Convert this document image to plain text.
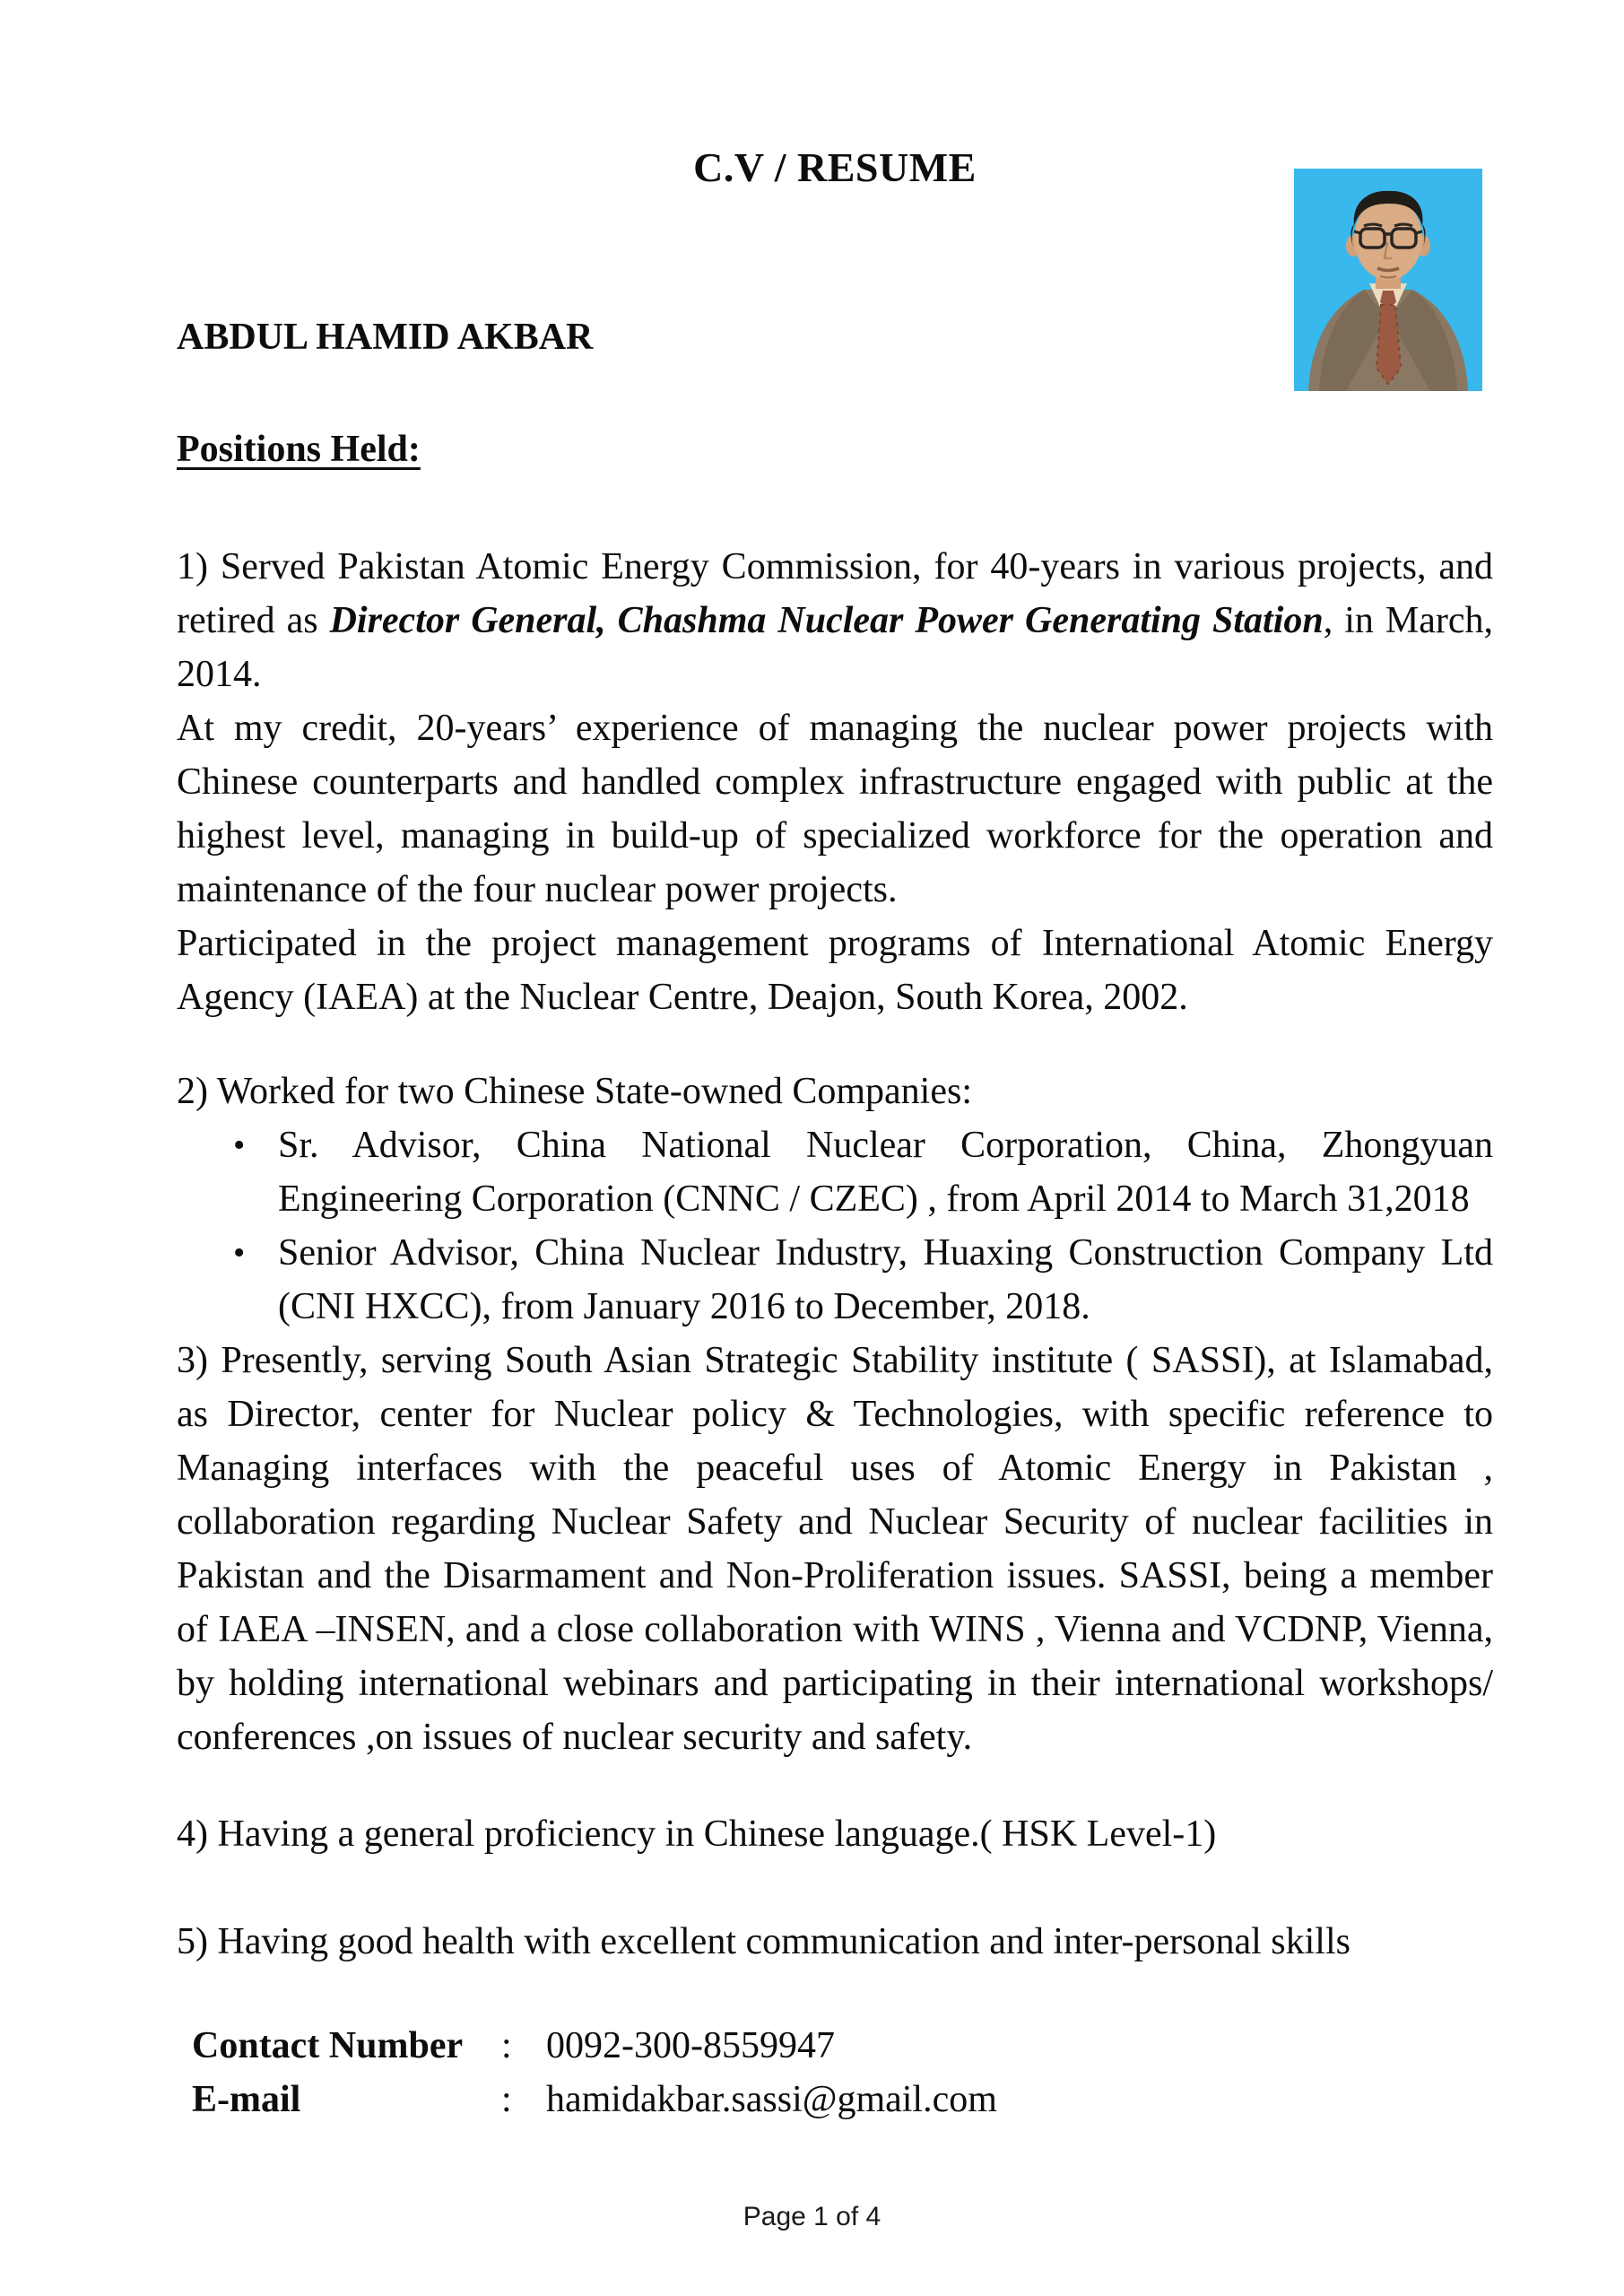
C.V / RESUME
ABDUL HAMID AKBAR
Positions Held:

1) Served Pakistan Atomic Energy Commission, for 40-years in various projects, and retired as Director General, Chashma Nuclear Power Generating Station, in March, 2014.

At my credit, 20-years’ experience of managing the nuclear power projects with Chinese counterparts and handled complex infrastructure engaged with public at the highest level, managing in build-up of specialized workforce for the operation and maintenance of the four nuclear power projects.

Participated in the project management programs of International Atomic Energy Agency (IAEA) at the Nuclear Centre, Deajon, South Korea, 2002.

2) Worked for two Chinese State-owned Companies:

• Sr. Advisor, China National Nuclear Corporation, China, Zhongyuan Engineering Corporation (CNNC / CZEC) , from April 2014 to March 31,2018
• Senior Advisor, China Nuclear Industry, Huaxing Construction Company Ltd (CNI HXCC), from January 2016 to December, 2018.

3) Presently, serving South Asian Strategic Stability institute ( SASSI), at Islamabad, as Director, center for Nuclear policy & Technologies, with specific reference to Managing interfaces with the peaceful uses of Atomic Energy in Pakistan , collaboration regarding Nuclear Safety and Nuclear Security of nuclear facilities in Pakistan and the Disarmament and Non-Proliferation issues. SASSI, being a member of IAEA –INSEN, and a close collaboration with WINS , Vienna and VCDNP, Vienna, by holding international webinars and participating in their international workshops/ conferences ,on issues of nuclear security and safety.

4) Having a general proficiency in Chinese language.( HSK Level-1)

5) Having good health with excellent communication and inter-personal skills

Contact Number	: 0092-300-8559947
E-mail	: hamidakbar.sassi@gmail.com
Page 1 of 4
